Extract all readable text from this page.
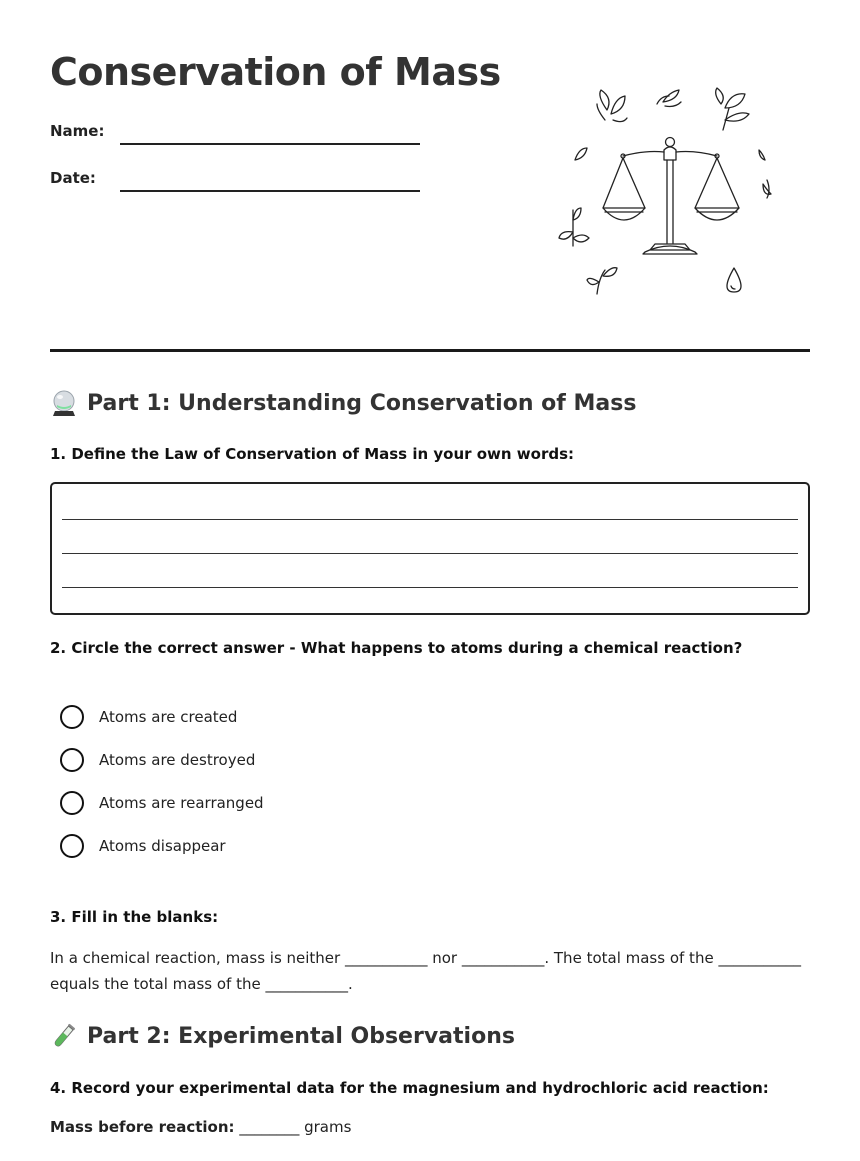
Conservation of Mass
Name:
Date:
Part 1: Understanding Conservation of Mass
1. Define the Law of Conservation of Mass in your own words:
2. Circle the correct answer - What happens to atoms during a chemical reaction?
Atoms are created
Atoms are destroyed
Atoms are rearranged
Atoms disappear
3. Fill in the blanks:
In a chemical reaction, mass is neither ___________ nor ___________. The total mass of the ___________ equals the total mass of the ___________.
Part 2: Experimental Observations
4. Record your experimental data for the magnesium and hydrochloric acid reaction:
Mass before reaction: ________ grams
